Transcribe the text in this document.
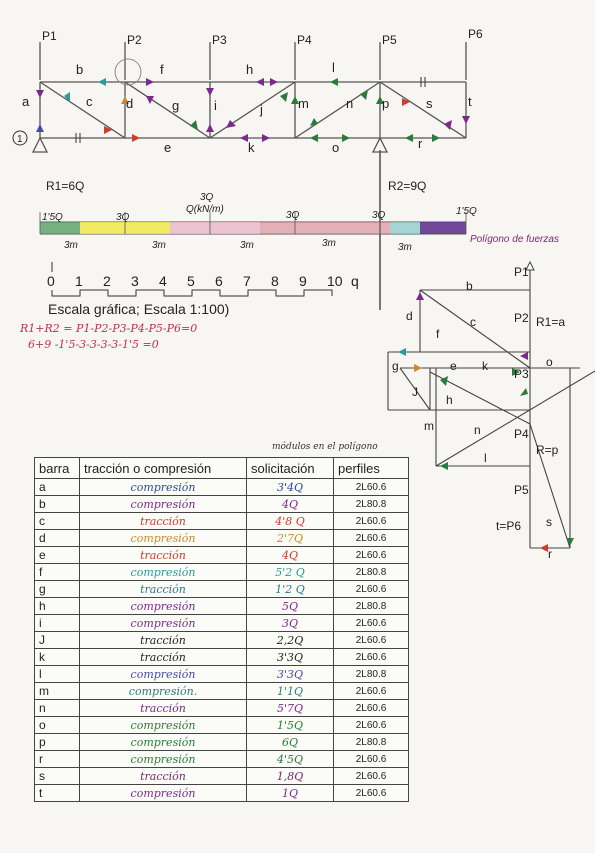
P1	P2	P3	P4	P5	P6
b	f	h	l
a	c	d	g	i	j	m	n p	s	t
e	k	o	r
1
R1=6Q	R2=9Q
3Q
Q(kN/m)
1'5Q	3Q	3Q	3Q	1'5Q
3m	3m	3m	3m	3m
Polígono de fuerzas
0 1 2 3 4 5 6 7 8 9 10 q
Escala gráfica; Escala 1:100)
R1+R2 = P1-P2-P3-P4-P5-P6=0
6+9 -1'5-3-3-3-3-1'5 =0
b
P1
d	c	P2 R1=a
f
g	e k
P3
o
h
J
m	n	P4
l
R=p
P5
t=P6 s
r
módulos en el polígono
barra	tracción o compresión	solicitación	perfiles
a	compresión	3'4Q	2L60.6
b	compresión	4Q	2L80.8
c	tracción	4'8 Q	2L60.6
d	compresión	2'7Q	2L60.6
e	tracción	4Q	2L60.6
f	compresión	5'2 Q	2L80.8
g	tracción	1'2 Q	2L60.6
h	compresión	5Q	2L80.8
i	compresión	3Q	2L60.6
J	tracción	2,2Q	2L60.6
k	tracción	3'3Q	2L60.6
l	compresión	3'3Q	2L80.8
m	compresión.	1'1Q	2L60.6
n	tracción	5'7Q	2L60.6
o	compresión	1'5Q	2L60.6
p	compresión	6Q	2L80.8
r	compresión	4'5Q	2L60.6
s	tracción	1,8Q	2L60.6
t	compresión	1Q	2L60.6
